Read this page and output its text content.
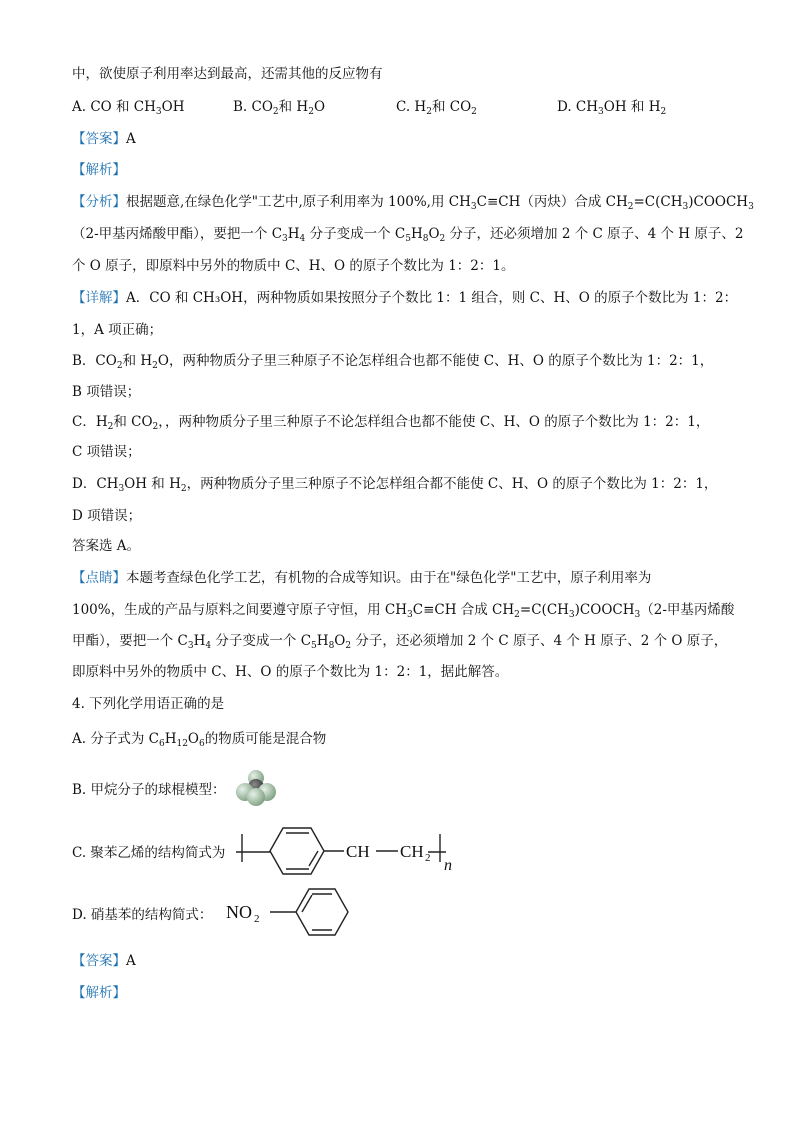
中，欲使原子利用率达到最高，还需其他的反应物有
A. CO 和 $CH_3OH$	B. $CO_2$和 $H_2O$	C. $H_2$和 $CO_2$	D. $CH_3OH$ 和 $H_2$
【答案】A
【解析】
【分析】根据题意,在绿色化学"工艺中,原子利用率为 100%,用 $CH_3C\equiv CH$（丙炔）合成 $CH_2=C(CH_3)COOCH_3$
（2-甲基丙烯酸甲酯），要把一个 $C_3H_4$ 分子变成一个 $C_5H_8O_2$ 分子，还必须增加 2 个 C 原子、4 个 H 原子、2
个 O 原子，即原料中另外的物质中 C、H、O 的原子个数比为 1：2：1。
【详解】A．CO 和 CH₃OH，两种物质如果按照分子个数比 1：1 组合，则 C、H、O 的原子个数比为 1：2：
1，A 项正确；
B．$CO_2$和 $H_2O$，两种物质分子里三种原子不论怎样组合也都不能使 C、H、O 的原子个数比为 1：2：1，
B 项错误；
C．$H_2$和 $CO_2$，，两种物质分子里三种原子不论怎样组合也都不能使 C、H、O 的原子个数比为 1：2：1，
C 项错误；
D．$CH_3OH$ 和 $H_2$，两种物质分子里三种原子不论怎样组合都不能使 C、H、O 的原子个数比为 1：2：1，
D 项错误；
答案选 A。
【点睛】本题考查绿色化学工艺，有机物的合成等知识。由于在"绿色化学"工艺中，原子利用率为
100%，生成的产品与原料之间要遵守原子守恒，用 $CH_3C\equiv CH$ 合成 $CH_2=C(CH_3)COOCH_3(2-$甲基丙烯酸
甲酯），要把一个 $C_3H_4$ 分子变成一个 $C_5H_8O_2$ 分子，还必须增加 2 个 C 原子、4 个 H 原子、2 个 O 原子，
即原料中另外的物质中 C、H、O 的原子个数比为 1：2：1，据此解答。
4. 下列化学用语正确的是
A. 分子式为 $C_6H_{12}O_6$的物质可能是混合物
B. 甲烷分子的球棍模型：
C. 聚苯乙烯的结构简式为	CH CH 2 n
D. 硝基苯的结构简式： NO 2
【答案】A
【解析】
